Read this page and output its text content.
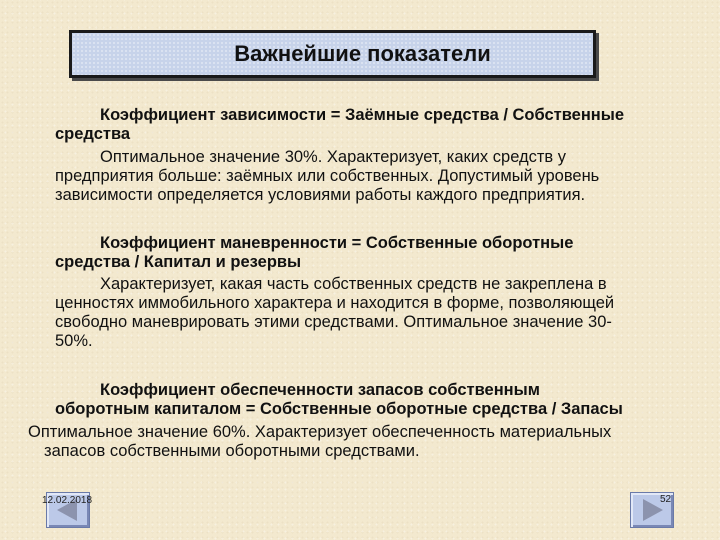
Важнейшие показатели
Коэффициент зависимости = Заёмные средства / Собственные
средства
Оптимальное значение 30%. Характеризует, каких средств у
предприятия больше: заёмных или собственных. Допустимый уровень
зависимости определяется условиями работы каждого предприятия.
Коэффициент маневренности = Собственные оборотные
средства / Капитал и резервы
Характеризует, какая часть собственных средств не закреплена в
ценностях иммобильного характера и находится в форме, позволяющей
свободно маневрировать этими средствами. Оптимальное значение 30-
50%.
Коэффициент обеспеченности запасов собственным
оборотным капиталом = Собственные оборотные средства / Запасы
Оптимальное значение 60%. Характеризует обеспеченность материальных
запасов собственными оборотными средствами.
12.02.2018	52
